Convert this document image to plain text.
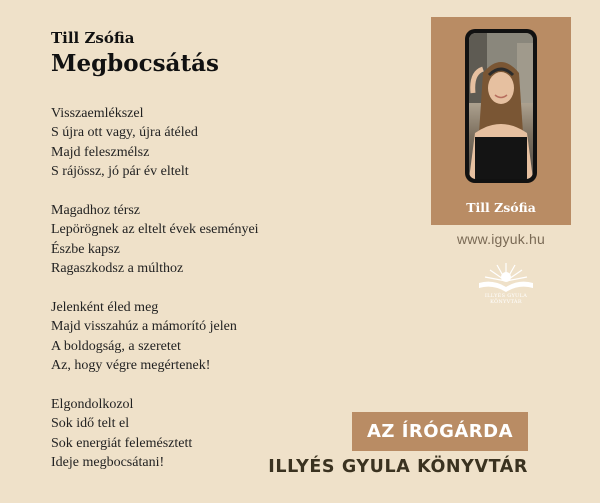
Till Zsófia
Megbocsátás
Visszaemlékszel
S újra ott vagy, újra átéled
Majd feleszmélsz
S rájössz, jó pár év eltelt
Magadhoz térsz
Lepörögnek az eltelt évek eseményei
Észbe kapsz
Ragaszkodsz a múlthoz
Jelenként éled meg
Majd visszahúz a mámorító jelen
A boldogság, a szeretet
Az, hogy végre megértenek!
Elgondolkozol
Sok idő telt el
Sok energiát felemésztett
Ideje megbocsátani!
Till Zsófia
www.igyuk.hu
ILLYÉS GYULA
KÖNYVTÁR
AZ ÍRÓGÁRDA
ILLYÉS GYULA KÖNYVTÁR
